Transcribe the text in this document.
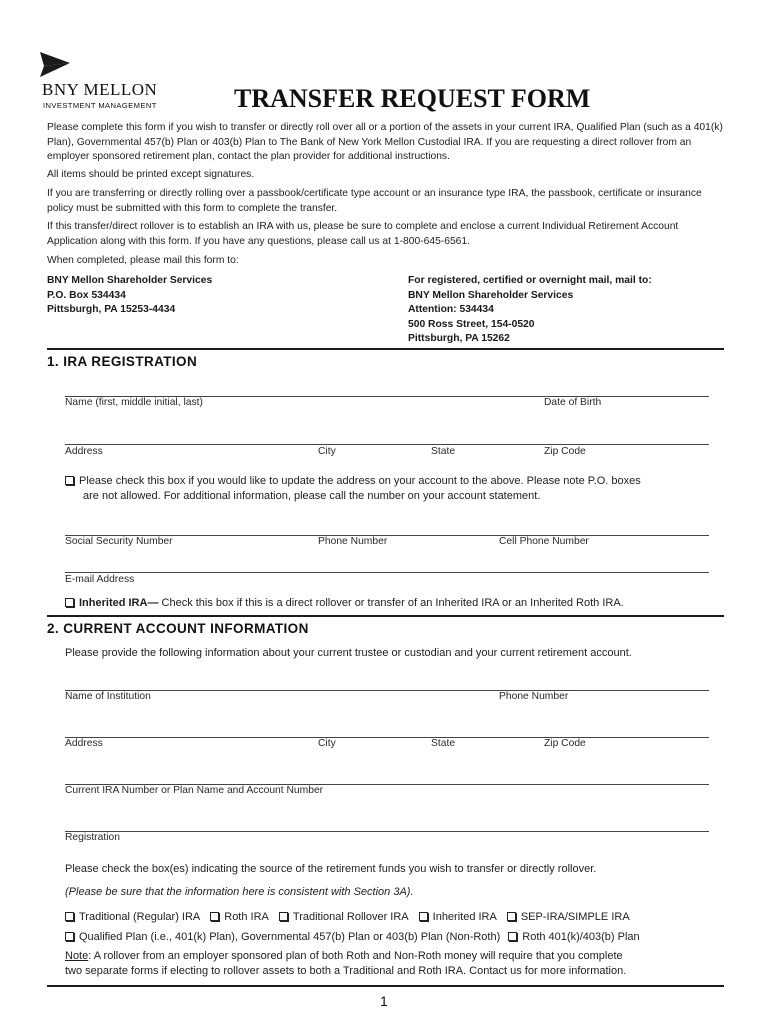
BNY MELLON
INVESTMENT MANAGEMENT	TRANSFER REQUEST FORM
Please complete this form if you wish to transfer or directly roll over all or a portion of the assets in your current IRA, Qualified Plan (such as a 401(k) Plan), Governmental 457(b) Plan or 403(b) Plan to The Bank of New York Mellon Custodial IRA. If you are requesting a direct rollover from an employer sponsored retirement plan, contact the plan provider for additional instructions.
All items should be printed except signatures.
If you are transferring or directly rolling over a passbook/certificate type account or an insurance type IRA, the passbook, certificate or insurance policy must be submitted with this form to complete the transfer.
If this transfer/direct rollover is to establish an IRA with us, please be sure to complete and enclose a current Individual Retirement Account Application along with this form. If you have any questions, please call us at 1-800-645-6561.
When completed, please mail this form to:
BNY Mellon Shareholder Services
P.O. Box 534434
Pittsburgh, PA 15253-4434
For registered, certified or overnight mail, mail to:
BNY Mellon Shareholder Services
Attention: 534434
500 Ross Street, 154-0520
Pittsburgh, PA 15262
1. IRA REGISTRATION
Name (first, middle initial, last)	Date of Birth
Address	City	State	Zip Code
Please check this box if you would like to update the address on your account to the above. Please note P.O. boxes
are not allowed. For additional information, please call the number on your account statement.
Social Security Number	Phone Number	Cell Phone Number
E-mail Address
Inherited IRA— Check this box if this is a direct rollover or transfer of an Inherited IRA or an Inherited Roth IRA.
2. CURRENT ACCOUNT INFORMATION
Please provide the following information about your current trustee or custodian and your current retirement account.
Name of Institution	Phone Number
Address	City	State	Zip Code
Current IRA Number or Plan Name and Account Number
Registration
Please check the box(es) indicating the source of the retirement funds you wish to transfer or directly rollover.
(Please be sure that the information here is consistent with Section 3A).
Traditional (Regular) IRA Roth IRA Traditional Rollover IRA Inherited IRA SEP-IRA/SIMPLE IRA
Qualified Plan (i.e., 401(k) Plan), Governmental 457(b) Plan or 403(b) Plan (Non-Roth) Roth 401(k)/403(b) Plan
Note: A rollover from an employer sponsored plan of both Roth and Non-Roth money will require that you complete
two separate forms if electing to rollover assets to both a Traditional and Roth IRA. Contact us for more information.
1
